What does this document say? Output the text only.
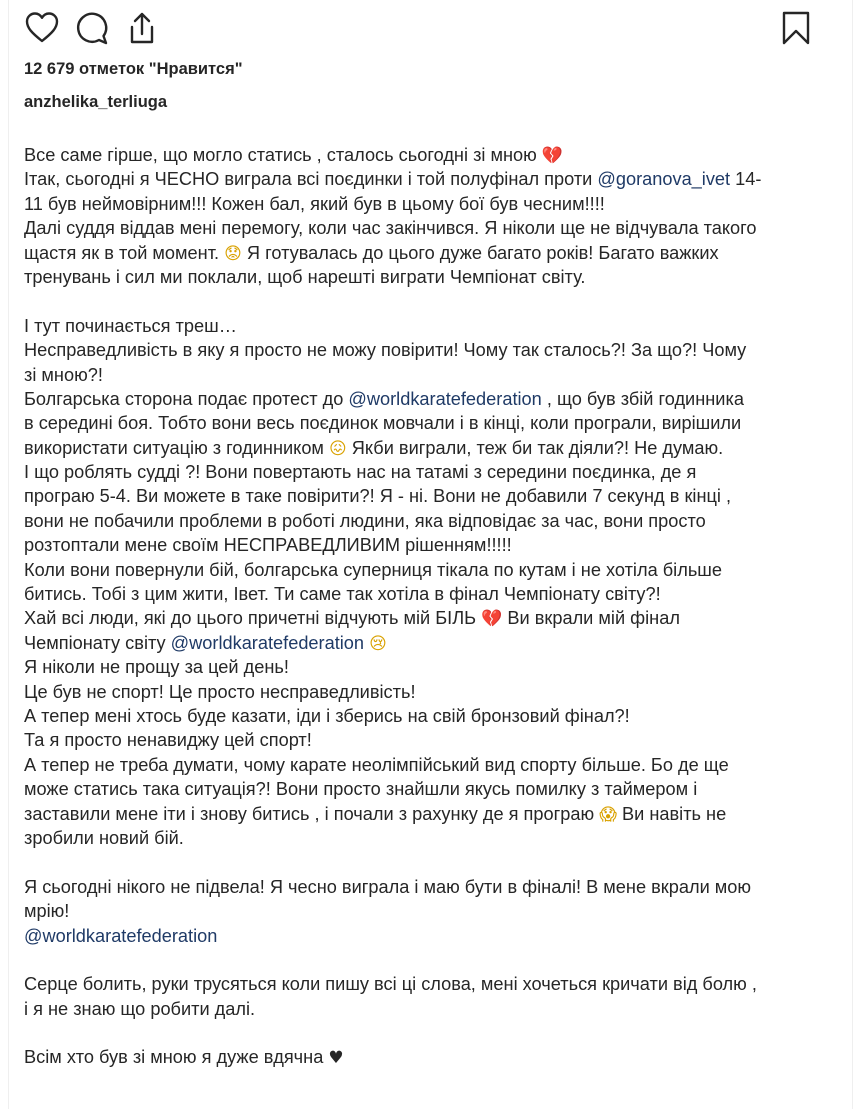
12 679 отметок "Нравится"
anzhelika_terliuga
Все саме гірше, що могло статись , сталось сьогодні зі мною 💔
Ітак, сьогодні я ЧЕСНО виграла всі поєдинки і той полуфінал проти @goranova_ivet 14-
11 був неймовірним!!! Кожен бал, який був в цьому бої був чесним!!!!
Далі суддя віддав мені перемогу, коли час закінчився. Я ніколи ще не відчувала такого
щастя як в той момент. 😟 Я готувалась до цього дуже багато років! Багато важких
тренувань і сил ми поклали, щоб нарешті виграти Чемпіонат світу.
І тут починається треш…
Несправедливість в яку я просто не можу повірити! Чому так сталось?! За що?! Чому
зі мною?!
Болгарська сторона подає протест до @worldkaratefederation , що був збій годинника
в середині боя. Тобто вони весь поєдинок мовчали і в кінці, коли програли, вирішили
використати ситуацію з годинником 😖 Якби виграли, теж би так діяли?! Не думаю.
І що роблять судді ?! Вони повертають нас на татамі з середини поєдинка, де я
програю 5-4. Ви можете в таке повірити?! Я - ні. Вони не добавили 7 секунд в кінці ,
вони не побачили проблеми в роботі людини, яка відповідає за час, вони просто
розтоптали мене своїм НЕСПРАВЕДЛИВИМ рішенням!!!!!
Коли вони повернули бій, болгарська суперниця тікала по кутам і не хотіла більше
битись. Тобі з цим жити, Івет. Ти саме так хотіла в фінал Чемпіонату світу?!
Хай всі люди, які до цього причетні відчують мій БІЛЬ 💔 Ви вкрали мій фінал
Чемпіонату світу @worldkaratefederation 😢
Я ніколи не прощу за цей день!
Це був не спорт! Це просто несправедливість!
А тепер мені хтось буде казати, іди і зберись на свій бронзовий фінал?!
Та я просто ненавиджу цей спорт!
А тепер не треба думати, чому карате неолімпійський вид спорту більше. Бо де ще
може статись така ситуація?! Вони просто знайшли якусь помилку з таймером і
заставили мене іти і знову битись , і почали з рахунку де я програю 😱 Ви навіть не
зробили новий бій.
Я сьогодні нікого не підвела! Я чесно виграла і маю бути в фіналі! В мене вкрали мою
мрію!
@worldkaratefederation
Серце болить, руки трусяться коли пишу всі ці слова, мені хочеться кричати від болю ,
і я не знаю що робити далі.
Всім хто був зі мною я дуже вдячна ♥
